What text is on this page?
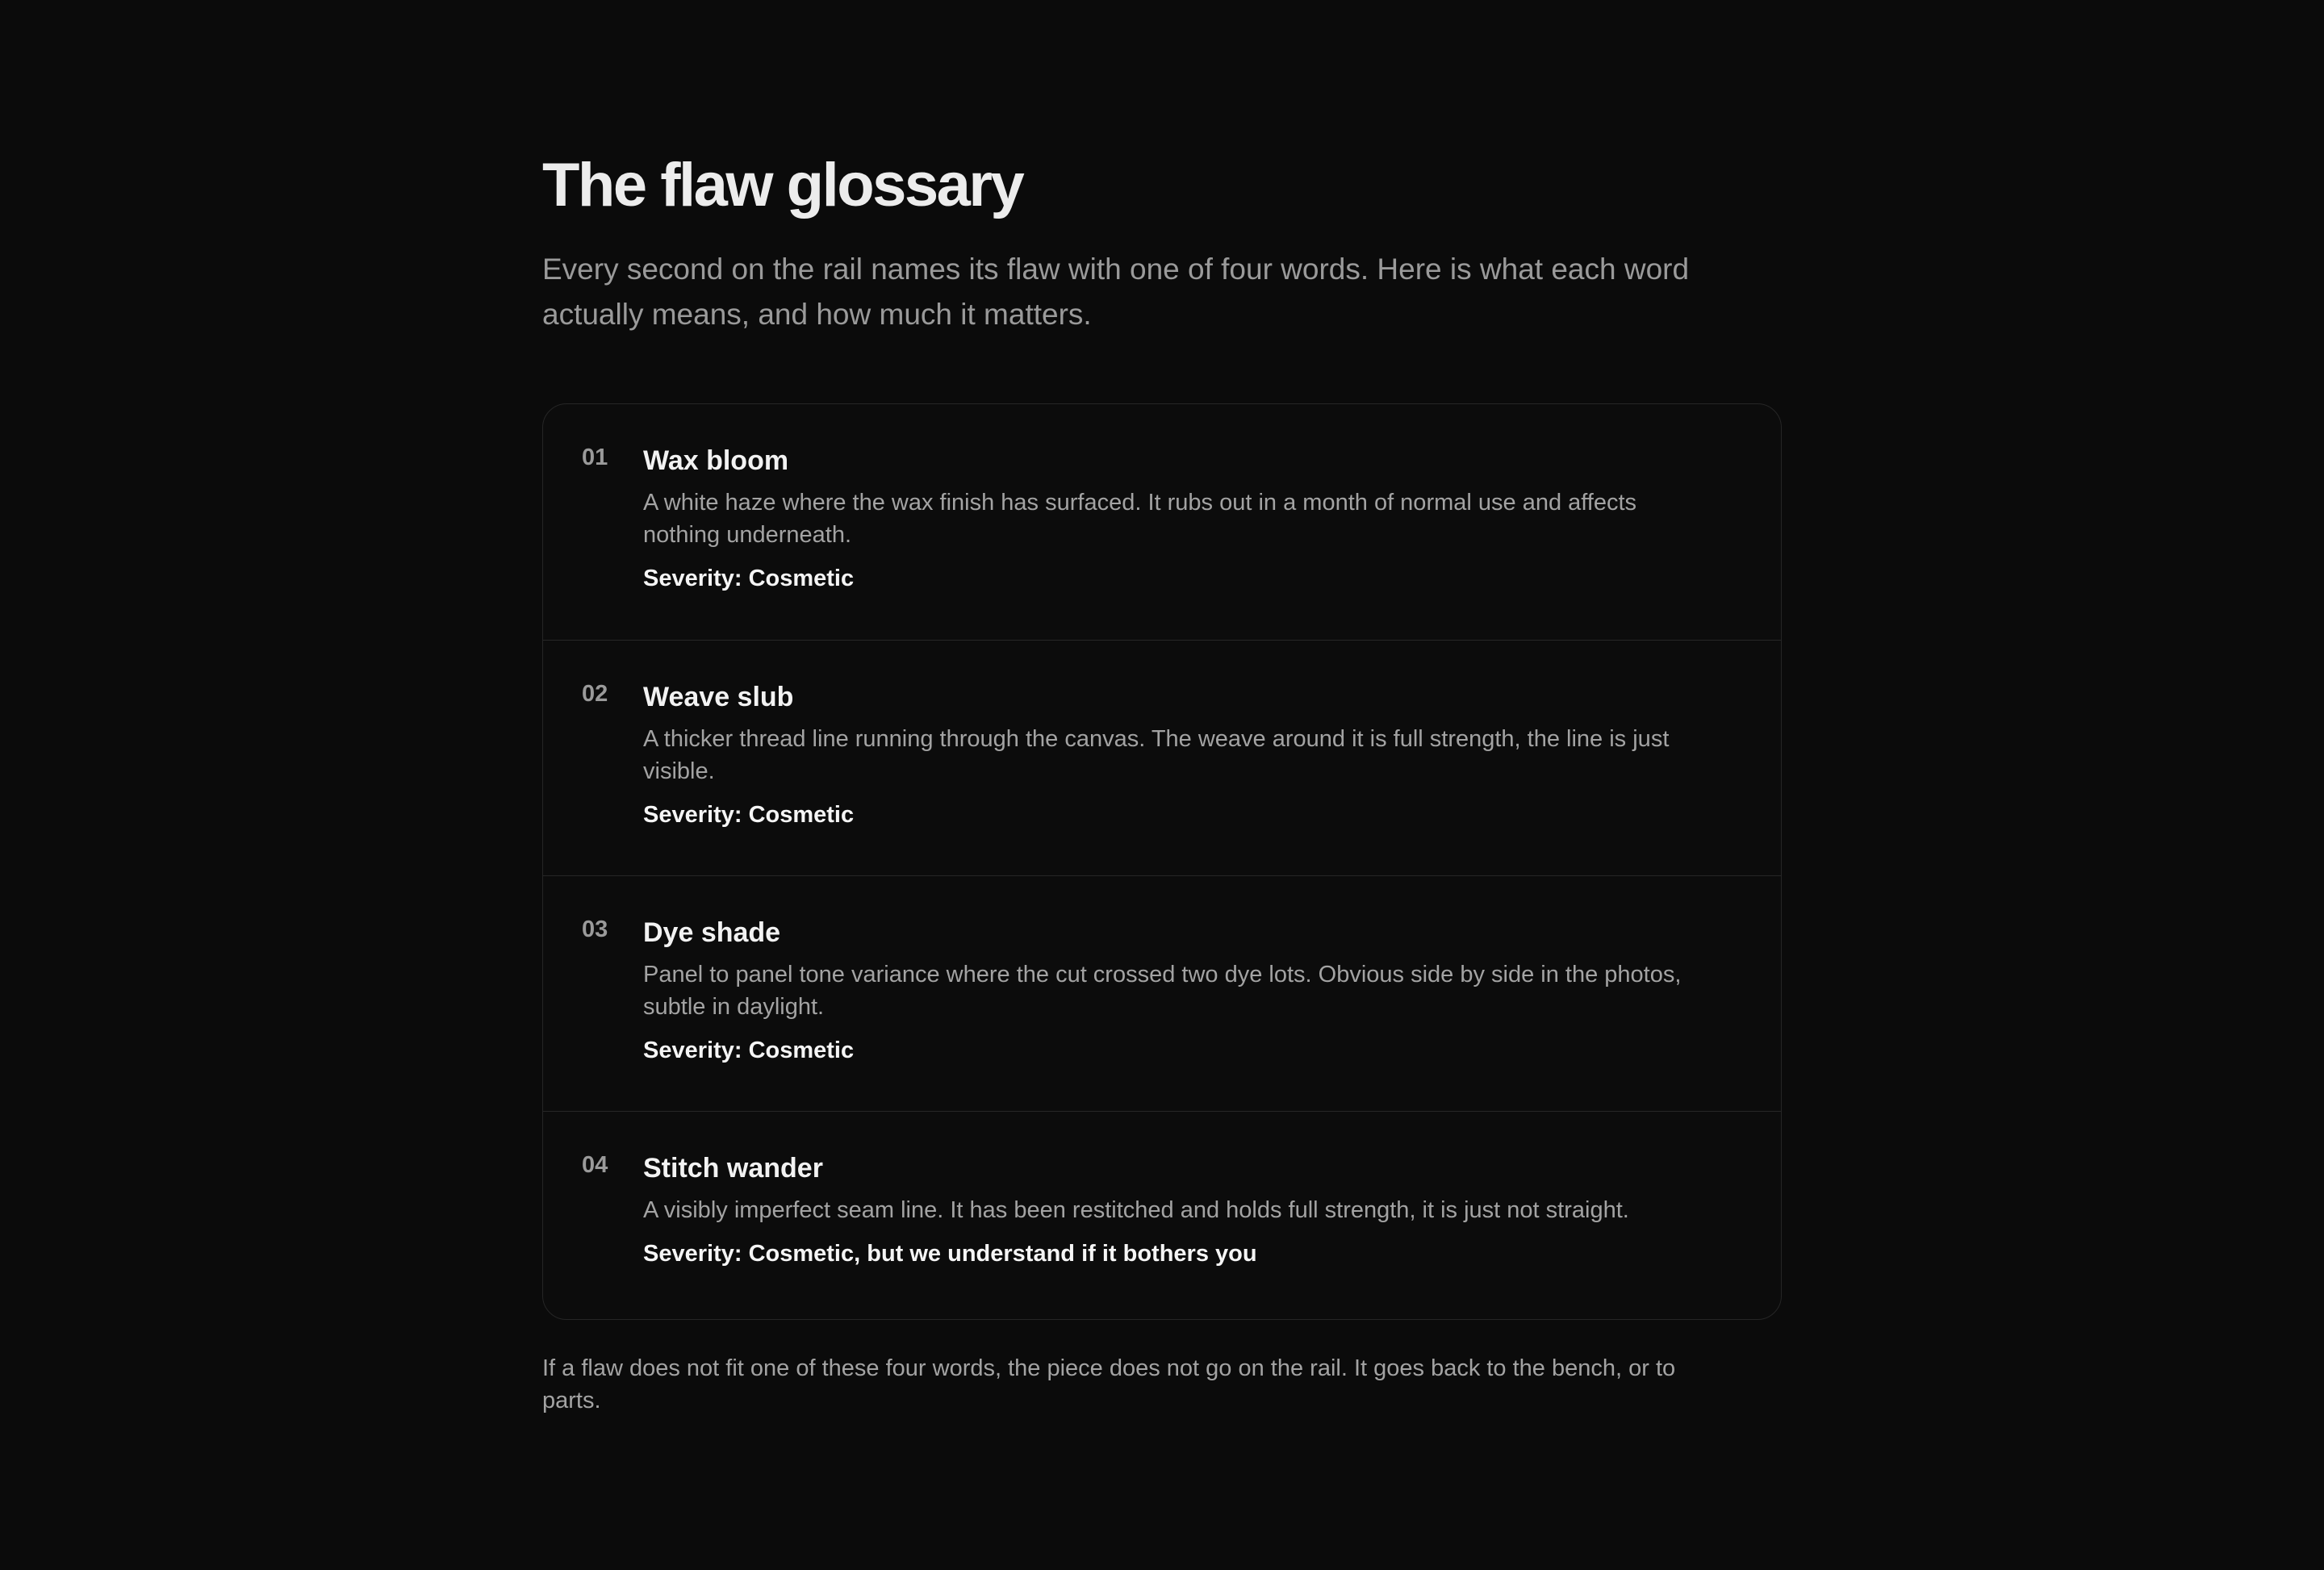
The flaw glossary

Every second on the rail names its flaw with one of four words. Here is what each word actually means, and how much it matters.

01 Wax bloom

A white haze where the wax finish has surfaced. It rubs out in a month of normal use and affects nothing underneath.

Severity: Cosmetic

02 Weave slub

A thicker thread line running through the canvas. The weave around it is full strength, the line is just visible.

Severity: Cosmetic

03 Dye shade

Panel to panel tone variance where the cut crossed two dye lots. Obvious side by side in the photos, subtle in daylight.

Severity: Cosmetic

04 Stitch wander

A visibly imperfect seam line. It has been restitched and holds full strength, it is just not straight.

Severity: Cosmetic, but we understand if it bothers you

If a flaw does not fit one of these four words, the piece does not go on the rail. It goes back to the bench, or to parts.
